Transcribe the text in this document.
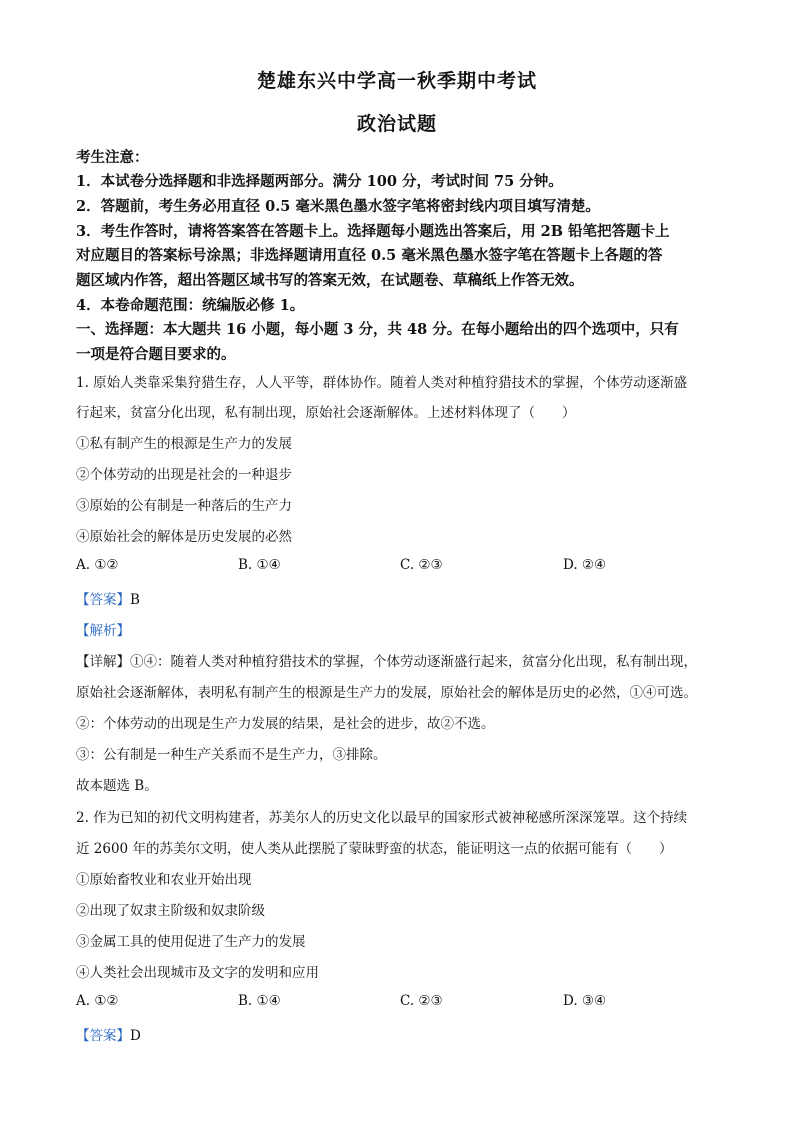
楚雄东兴中学高一秋季期中考试
政治试题
考生注意：
1．本试卷分选择题和非选择题两部分。满分 100 分，考试时间 75 分钟。
2．答题前，考生务必用直径 0.5 毫米黑色墨水签字笔将密封线内项目填写清楚。
3．考生作答时，请将答案答在答题卡上。选择题每小题选出答案后，用 2B 铅笔把答题卡上
对应题目的答案标号涂黑；非选择题请用直径 0.5 毫米黑色墨水签字笔在答题卡上各题的答
题区域内作答，超出答题区域书写的答案无效，在试题卷、草稿纸上作答无效。
4．本卷命题范围：统编版必修 1。
一、选择题：本大题共 16 小题，每小题 3 分，共 48 分。在每小题给出的四个选项中，只有
一项是符合题目要求的。
1. 原始人类靠采集狩猎生存，人人平等，群体协作。随着人类对种植狩猎技术的掌握，个体劳动逐渐盛
行起来，贫富分化出现，私有制出现，原始社会逐渐解体。上述材料体现了（　　）
①私有制产生的根源是生产力的发展
②个体劳动的出现是社会的一种退步
③原始的公有制是一种落后的生产力
④原始社会的解体是历史发展的必然
A. ①②	B. ①④	C. ②③	D. ②④
【答案】B
【解析】
【详解】①④：随着人类对种植狩猎技术的掌握，个体劳动逐渐盛行起来，贫富分化出现，私有制出现，
原始社会逐渐解体，表明私有制产生的根源是生产力的发展，原始社会的解体是历史的必然，①④可选。
②：个体劳动的出现是生产力发展的结果，是社会的进步，故②不选。
③：公有制是一种生产关系而不是生产力，③排除。
故本题选 B。
2. 作为已知的初代文明构建者，苏美尔人的历史文化以最早的国家形式被神秘感所深深笼罩。这个持续
近 2600 年的苏美尔文明，使人类从此摆脱了蒙昧野蛮的状态，能证明这一点的依据可能有（　　）
①原始畜牧业和农业开始出现
②出现了奴隶主阶级和奴隶阶级
③金属工具的使用促进了生产力的发展
④人类社会出现城市及文字的发明和应用
A. ①②	B. ①④	C. ②③	D. ③④
【答案】D
